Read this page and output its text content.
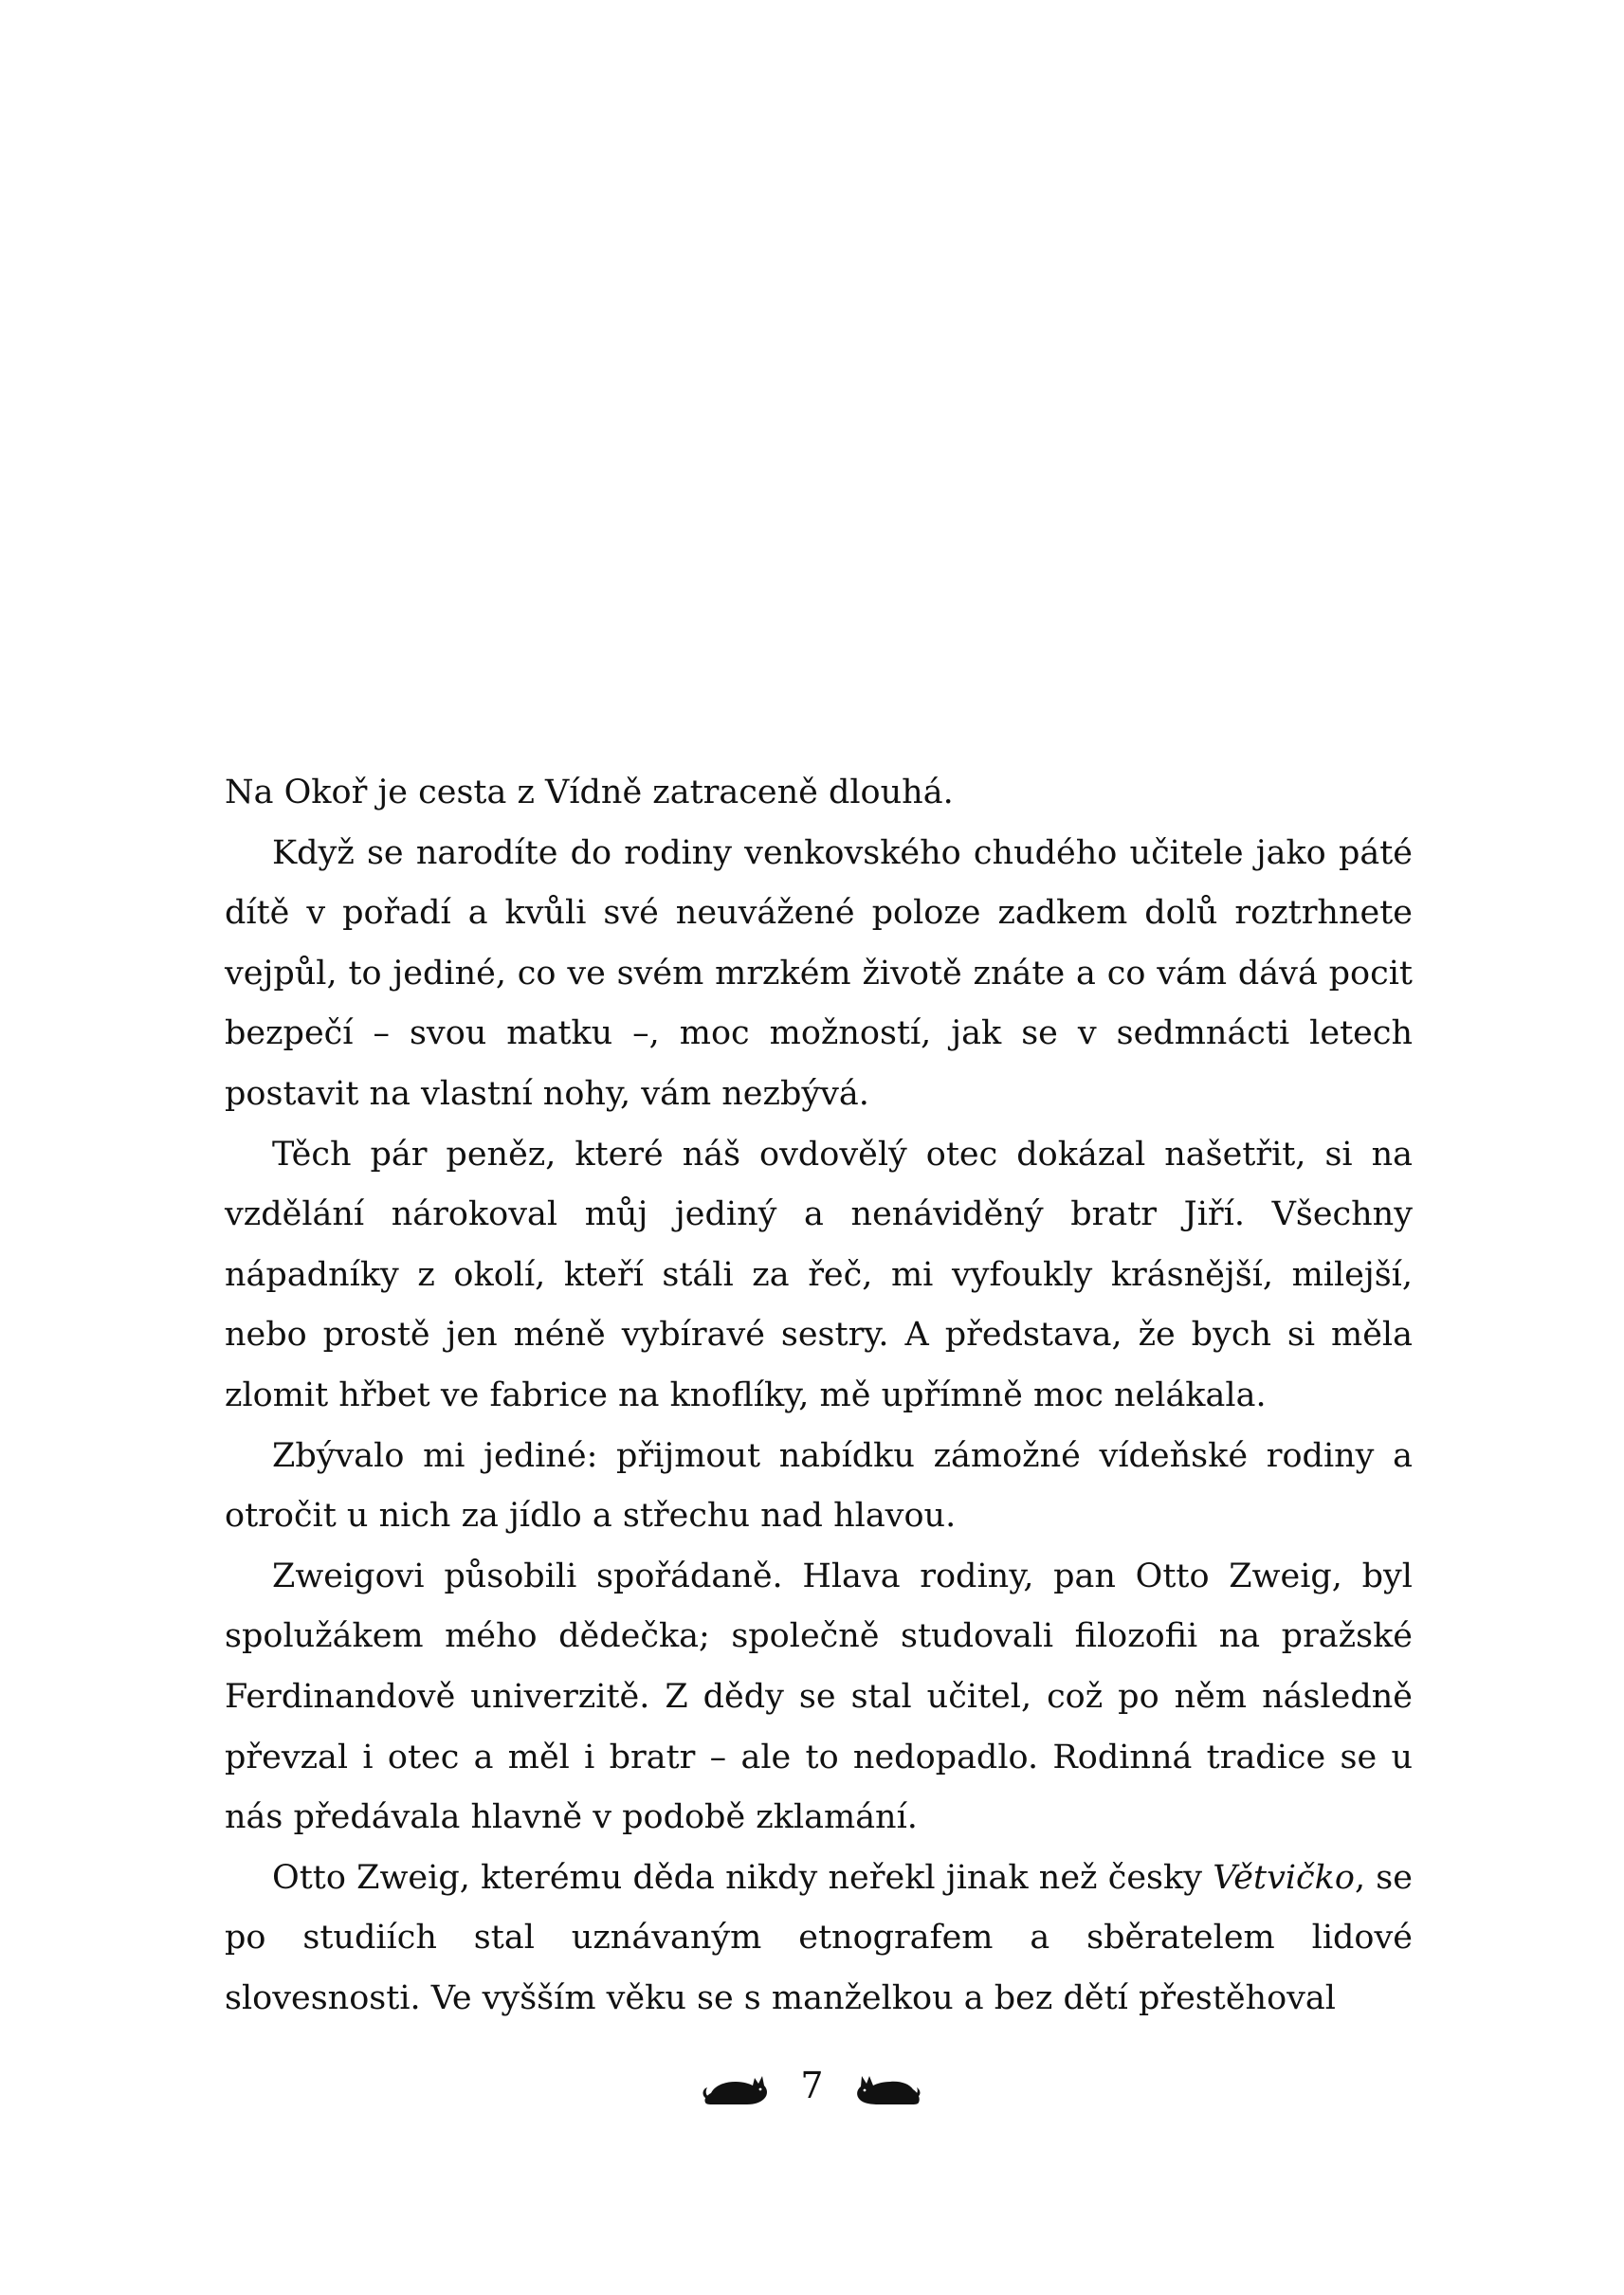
Na Okoř je cesta z Vídně zatraceně dlouhá.

Když se narodíte do rodiny venkovského chudého učitele jako páté dítě v pořadí a kvůli své neuvážené poloze zadkem dolů roztrhnete vejpůl, to jediné, co ve svém mrzkém životě znáte a co vám dává pocit bezpečí – svou matku –, moc možností, jak se v sedmnácti letech postavit na vlastní nohy, vám nezbývá.

Těch pár peněz, které náš ovdovělý otec dokázal našetřit, si na vzdělání nárokoval můj jediný a nenáviděný bratr Jiří. Všechny nápadníky z okolí, kteří stáli za řeč, mi vyfoukly krásnější, milejší, nebo prostě jen méně vybíravé sestry. A představa, že bych si měla zlomit hřbet ve fabrice na knoflíky, mě upřímně moc nelákala.

Zbývalo mi jediné: přijmout nabídku zámožné vídeňské rodiny a otročit u nich za jídlo a střechu nad hlavou.

Zweigovi působili spořádaně. Hlava rodiny, pan Otto Zweig, byl spolužákem mého dědečka; společně studovali filozofii na pražské Ferdinandově univerzitě. Z dědy se stal učitel, což po něm následně převzal i otec a měl i bratr – ale to nedopadlo. Rodinná tradice se u nás předávala hlavně v podobě zklamání.

Otto Zweig, kterému děda nikdy neřekl jinak než česky Větvičko, se po studiích stal uznávaným etnografem a sběratelem lidové slovesnosti. Ve vyšším věku se s manželkou a bez dětí přestěhoval

7
